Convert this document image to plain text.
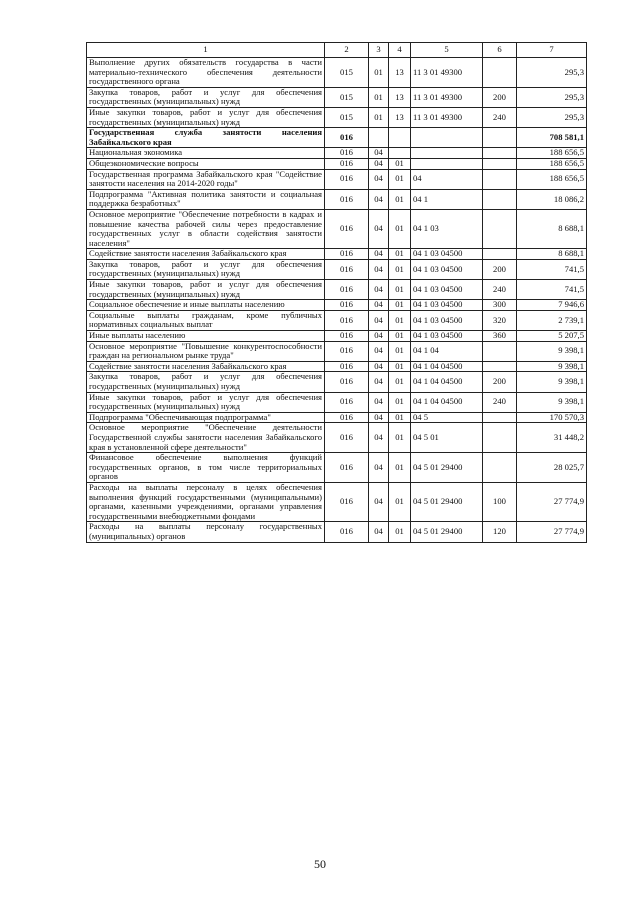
1	2	3	4	5	6	7
Выполнение других обязательств государства в части материально-технического обеспечения деятельности государственного органа	015	01	13	11 3 01 49300		295,3
Закупка товаров, работ и услуг для обеспечения государственных (муниципальных) нужд	015	01	13	11 3 01 49300	200	295,3
Иные закупки товаров, работ и услуг для обеспечения государственных (муниципальных) нужд	015	01	13	11 3 01 49300	240	295,3
Государственная служба занятости населения Забайкальского края	016					708 581,1
Национальная экономика	016	04				188 656,5
Общеэкономические вопросы	016	04	01			188 656,5
Государственная программа Забайкальского края "Содействие занятости населения на 2014-2020 годы"	016	04	01	04		188 656,5
Подпрограмма "Активная политика занятости и социальная поддержка безработных"	016	04	01	04 1		18 086,2
Основное мероприятие "Обеспечение потребности в кадрах и повышение качества рабочей силы через предоставление государственных услуг в области содействия занятости населения"	016	04	01	04 1 03		8 688,1
Содействие занятости населения Забайкальского края	016	04	01	04 1 03 04500		8 688,1
Закупка товаров, работ и услуг для обеспечения государственных (муниципальных) нужд	016	04	01	04 1 03 04500	200	741,5
Иные закупки товаров, работ и услуг для обеспечения государственных (муниципальных) нужд	016	04	01	04 1 03 04500	240	741,5
Социальное обеспечение и иные выплаты населению	016	04	01	04 1 03 04500	300	7 946,6
Социальные выплаты гражданам, кроме публичных нормативных социальных выплат	016	04	01	04 1 03 04500	320	2 739,1
Иные выплаты населению	016	04	01	04 1 03 04500	360	5 207,5
Основное мероприятие "Повышение конкурентоспособности граждан на региональном рынке труда"	016	04	01	04 1 04		9 398,1
Содействие занятости населения Забайкальского края	016	04	01	04 1 04 04500		9 398,1
Закупка товаров, работ и услуг для обеспечения государственных (муниципальных) нужд	016	04	01	04 1 04 04500	200	9 398,1
Иные закупки товаров, работ и услуг для обеспечения государственных (муниципальных) нужд	016	04	01	04 1 04 04500	240	9 398,1
Подпрограмма "Обеспечивающая подпрограмма"	016	04	01	04 5		170 570,3
Основное мероприятие "Обеспечение деятельности Государственной службы занятости населения Забайкальского края в установленной сфере деятельности"	016	04	01	04 5 01		31 448,2
Финансовое обеспечение выполнения функций государственных органов, в том числе территориальных органов	016	04	01	04 5 01 29400		28 025,7
Расходы на выплаты персоналу в целях обеспечения выполнения функций государственными (муниципальными) органами, казенными учреждениями, органами управления государственными внебюджетными фондами	016	04	01	04 5 01 29400	100	27 774,9
Расходы на выплаты персоналу государственных (муниципальных) органов	016	04	01	04 5 01 29400	120	27 774,9
50
